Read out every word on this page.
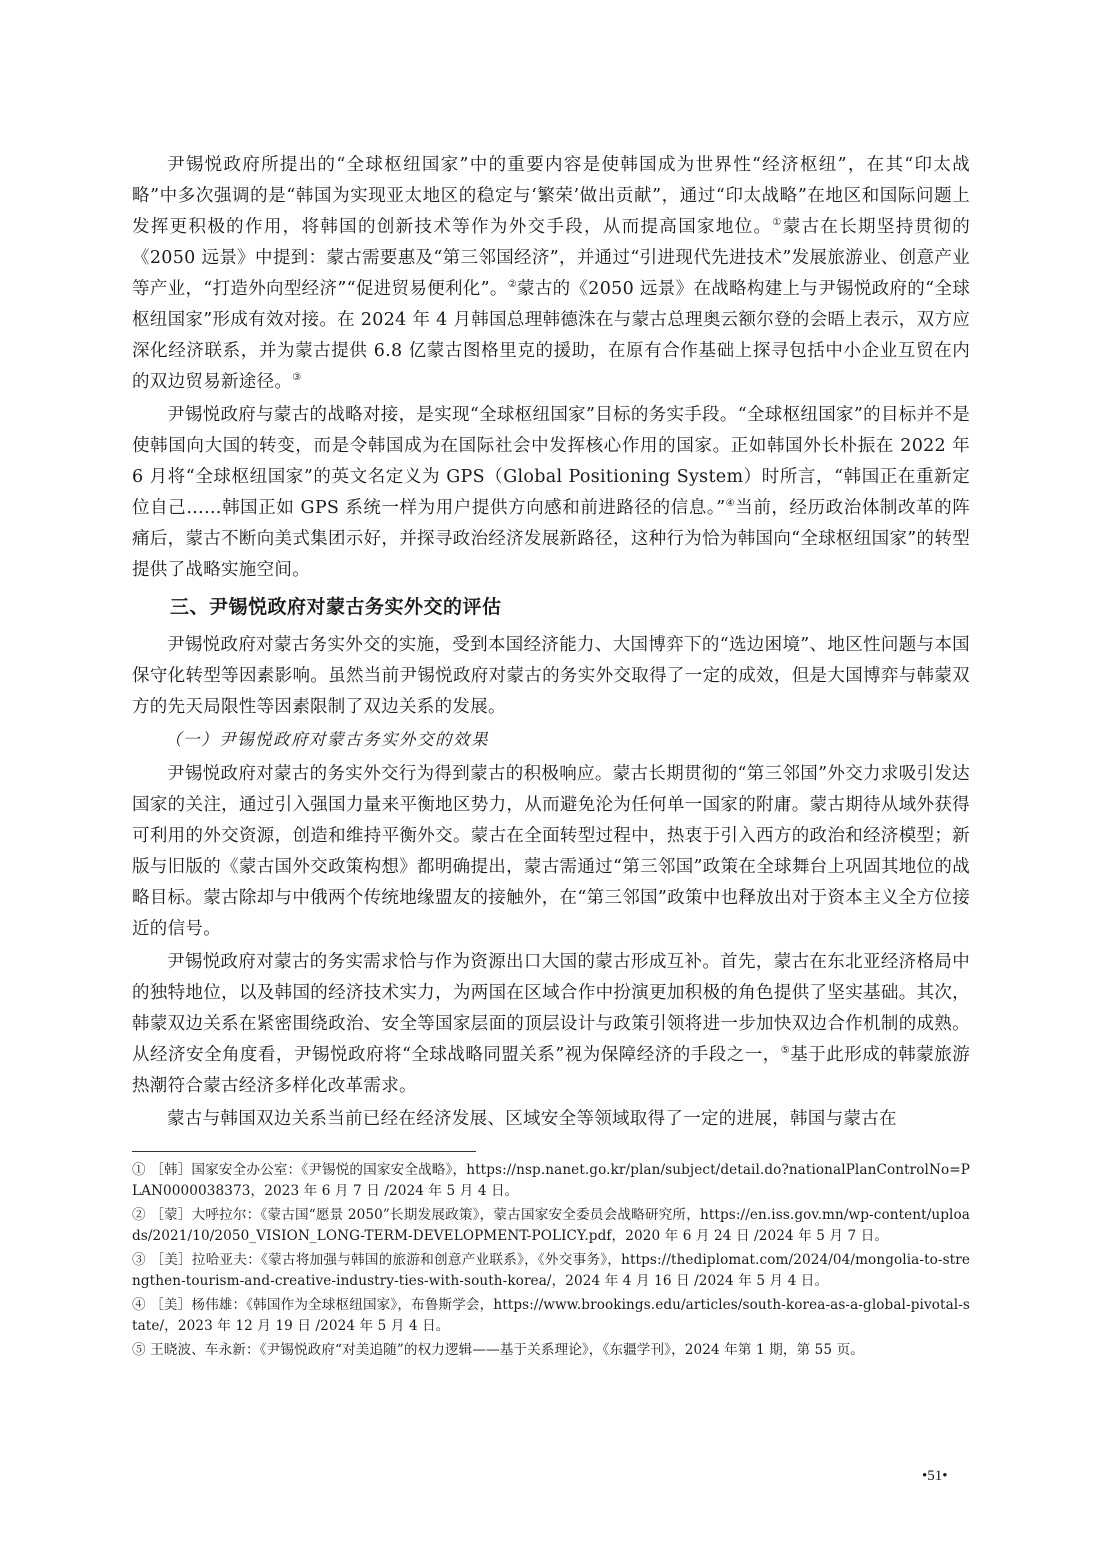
尹锡悦政府所提出的“全球枢纽国家”中的重要内容是使韩国成为世界性“经济枢纽”，在其“印太战略”中多次强调的是“韩国为实现亚太地区的稳定与‘繁荣’做出贡献”，通过“印太战略”在地区和国际问题上发挥更积极的作用，将韩国的创新技术等作为外交手段，从而提高国家地位。①蒙古在长期坚持贯彻的《2050 远景》中提到：蒙古需要惠及“第三邻国经济”，并通过“引进现代先进技术”发展旅游业、创意产业等产业，“打造外向型经济”“促进贸易便利化”。②蒙古的《2050 远景》在战略构建上与尹锡悦政府的“全球枢纽国家”形成有效对接。在 2024 年 4 月韩国总理韩德洙在与蒙古总理奥云额尔登的会晤上表示，双方应深化经济联系，并为蒙古提供 6.8 亿蒙古图格里克的援助，在原有合作基础上探寻包括中小企业互贸在内的双边贸易新途径。③

尹锡悦政府与蒙古的战略对接，是实现“全球枢纽国家”目标的务实手段。“全球枢纽国家”的目标并不是使韩国向大国的转变，而是令韩国成为在国际社会中发挥核心作用的国家。正如韩国外长朴振在 2022 年 6 月将“全球枢纽国家”的英文名定义为 GPS（Global Positioning System）时所言，“韩国正在重新定位自己……韩国正如 GPS 系统一样为用户提供方向感和前进路径的信息。”④当前，经历政治体制改革的阵痛后，蒙古不断向美式集团示好，并探寻政治经济发展新路径，这种行为恰为韩国向“全球枢纽国家”的转型提供了战略实施空间。

三、尹锡悦政府对蒙古务实外交的评估

尹锡悦政府对蒙古务实外交的实施，受到本国经济能力、大国博弈下的“选边困境”、地区性问题与本国保守化转型等因素影响。虽然当前尹锡悦政府对蒙古的务实外交取得了一定的成效，但是大国博弈与韩蒙双方的先天局限性等因素限制了双边关系的发展。

（一）尹锡悦政府对蒙古务实外交的效果

尹锡悦政府对蒙古的务实外交行为得到蒙古的积极响应。蒙古长期贯彻的“第三邻国”外交力求吸引发达国家的关注，通过引入强国力量来平衡地区势力，从而避免沦为任何单一国家的附庸。蒙古期待从域外获得可利用的外交资源，创造和维持平衡外交。蒙古在全面转型过程中，热衷于引入西方的政治和经济模型；新版与旧版的《蒙古国外交政策构想》都明确提出，蒙古需通过“第三邻国”政策在全球舞台上巩固其地位的战略目标。蒙古除却与中俄两个传统地缘盟友的接触外，在“第三邻国”政策中也释放出对于资本主义全方位接近的信号。

尹锡悦政府对蒙古的务实需求恰与作为资源出口大国的蒙古形成互补。首先，蒙古在东北亚经济格局中的独特地位，以及韩国的经济技术实力，为两国在区域合作中扮演更加积极的角色提供了坚实基础。其次，韩蒙双边关系在紧密围绕政治、安全等国家层面的顶层设计与政策引领将进一步加快双边合作机制的成熟。从经济安全角度看，尹锡悦政府将“全球战略同盟关系”视为保障经济的手段之一，⑤基于此形成的韩蒙旅游热潮符合蒙古经济多样化改革需求。

蒙古与韩国双边关系当前已经在经济发展、区域安全等领域取得了一定的进展，韩国与蒙古在

① ［韩］国家安全办公室：《尹锡悦的国家安全战略》，https://nsp.nanet.go.kr/plan/subject/detail.do?nationalPlanControlNo=PLAN0000038373，2023 年 6 月 7 日 /2024 年 5 月 4 日。

② ［蒙］大呼拉尔：《蒙古国“愿景 2050”长期发展政策》，蒙古国家安全委员会战略研究所，https://en.iss.gov.mn/wp-content/uploads/2021/10/2050_VISION_LONG-TERM-DEVELOPMENT-POLICY.pdf，2020 年 6 月 24 日 /2024 年 5 月 7 日。

③ ［美］拉哈亚夫：《蒙古将加强与韩国的旅游和创意产业联系》，《外交事务》，https://thediplomat.com/2024/04/mongolia-to-strengthen-tourism-and-creative-industry-ties-with-south-korea/，2024 年 4 月 16 日 /2024 年 5 月 4 日。

④ ［美］杨伟雄：《韩国作为全球枢纽国家》，布鲁斯学会，https://www.brookings.edu/articles/south-korea-as-a-global-pivotal-state/，2023 年 12 月 19 日 /2024 年 5 月 4 日。

⑤ 王晓波、车永新：《尹锡悦政府“对美追随”的权力逻辑——基于关系理论》，《东疆学刊》，2024 年第 1 期，第 55 页。

•51•
